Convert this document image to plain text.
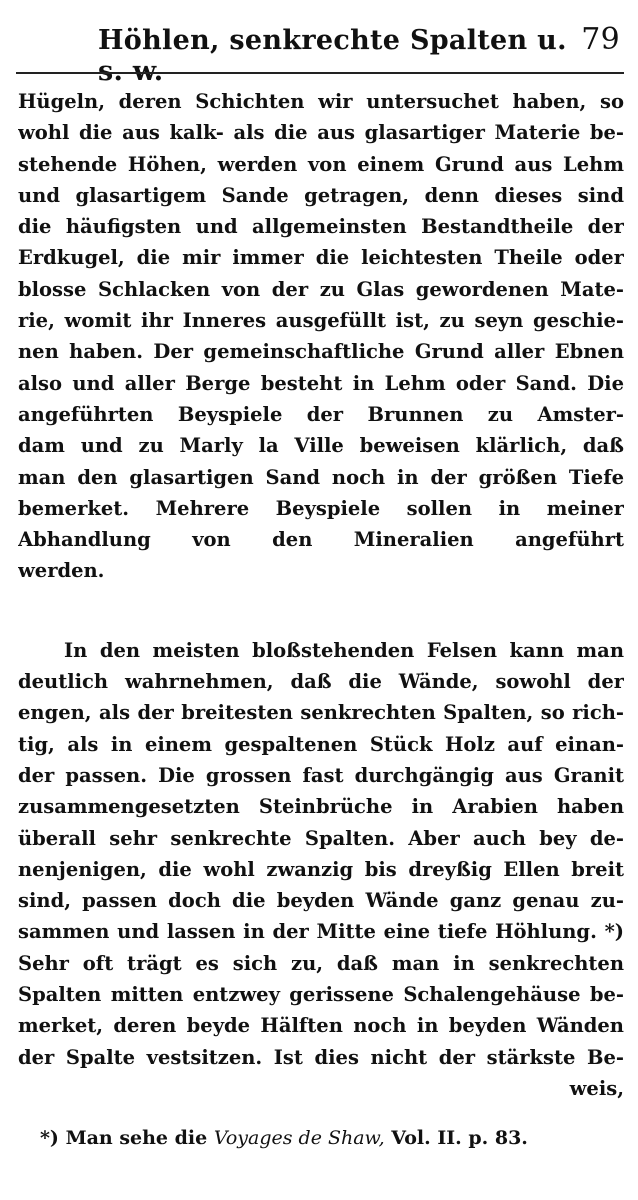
Höhlen, senkrechte Spalten u. s. w.
79
Hügeln, deren Schichten wir untersuchet haben, so
wohl die aus kalk- als die aus glasartiger Materie be-
stehende Höhen, werden von einem Grund aus Lehm
und glasartigem Sande getragen, denn dieses sind
die häufigsten und allgemeinsten Bestandtheile der
Erdkugel, die mir immer die leichtesten Theile oder
blosse Schlacken von der zu Glas gewordenen Mate-
rie, womit ihr Inneres ausgefüllt ist, zu seyn geschie-
nen haben. Der gemeinschaftliche Grund aller Ebnen
also und aller Berge besteht in Lehm oder Sand. Die
angeführten Beyspiele der Brunnen zu Amster-
dam und zu Marly la Ville beweisen klärlich, daß
man den glasartigen Sand noch in der größen Tiefe
bemerket. Mehrere Beyspiele sollen in meiner
Abhandlung von den Mineralien angeführt
werden.
In den meisten bloßstehenden Felsen kann man
deutlich wahrnehmen, daß die Wände, sowohl der
engen, als der breitesten senkrechten Spalten, so rich-
tig, als in einem gespaltenen Stück Holz auf einan-
der passen. Die grossen fast durchgängig aus Granit
zusammengesetzten Steinbrüche in Arabien haben
überall sehr senkrechte Spalten. Aber auch bey de-
nenjenigen, die wohl zwanzig bis dreyßig Ellen breit
sind, passen doch die beyden Wände ganz genau zu-
sammen und lassen in der Mitte eine tiefe Höhlung. *)
Sehr oft trägt es sich zu, daß man in senkrechten
Spalten mitten entzwey gerissene Schalengehäuse be-
merket, deren beyde Hälften noch in beyden Wänden
der Spalte vestsitzen. Ist dies nicht der stärkste Be-
weis,
*) Man sehe die Voyages de Shaw, Vol. II. p. 83.
